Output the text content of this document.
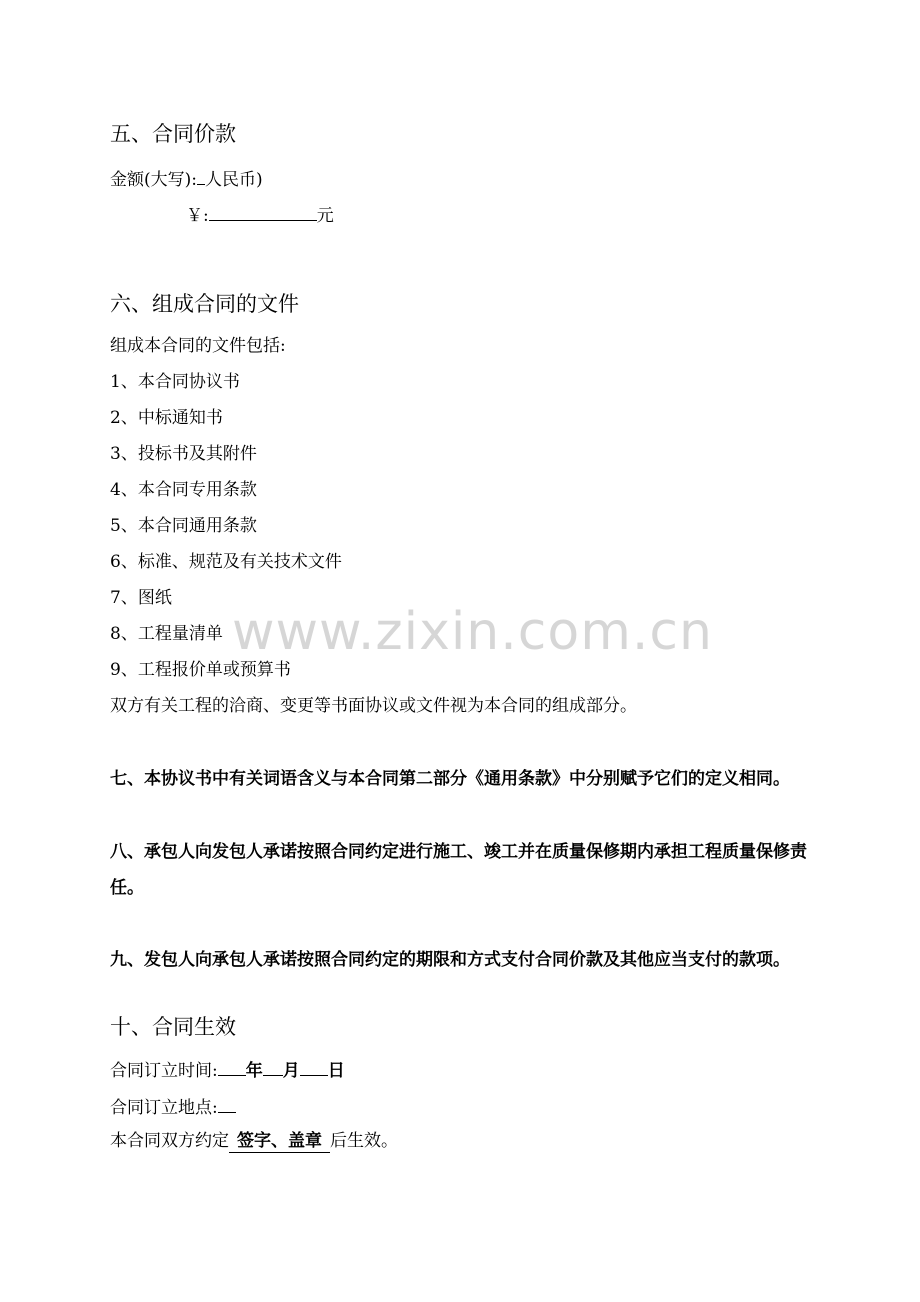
五、合同价款
金额(大写): 人民币)
￥:	元
六、组成合同的文件
组成本合同的文件包括:
1、本合同协议书
2、中标通知书
3、投标书及其附件
4、本合同专用条款
5、本合同通用条款
6、标准、规范及有关技术文件
7、图纸
8、工程量清单
9、工程报价单或预算书
双方有关工程的洽商、变更等书面协议或文件视为本合同的组成部分。
七、本协议书中有关词语含义与本合同第二部分《通用条款》中分别赋予它们的定义相同。
八、承包人向发包人承诺按照合同约定进行施工、竣工并在质量保修期内承担工程质量保修责任。
九、发包人向承包人承诺按照合同约定的期限和方式支付合同价款及其他应当支付的款项。
十、合同生效
合同订立时间: 年 月 日
合同订立地点:
本合同双方约定 签字、盖章 后生效。
www.zixin.com.cn
